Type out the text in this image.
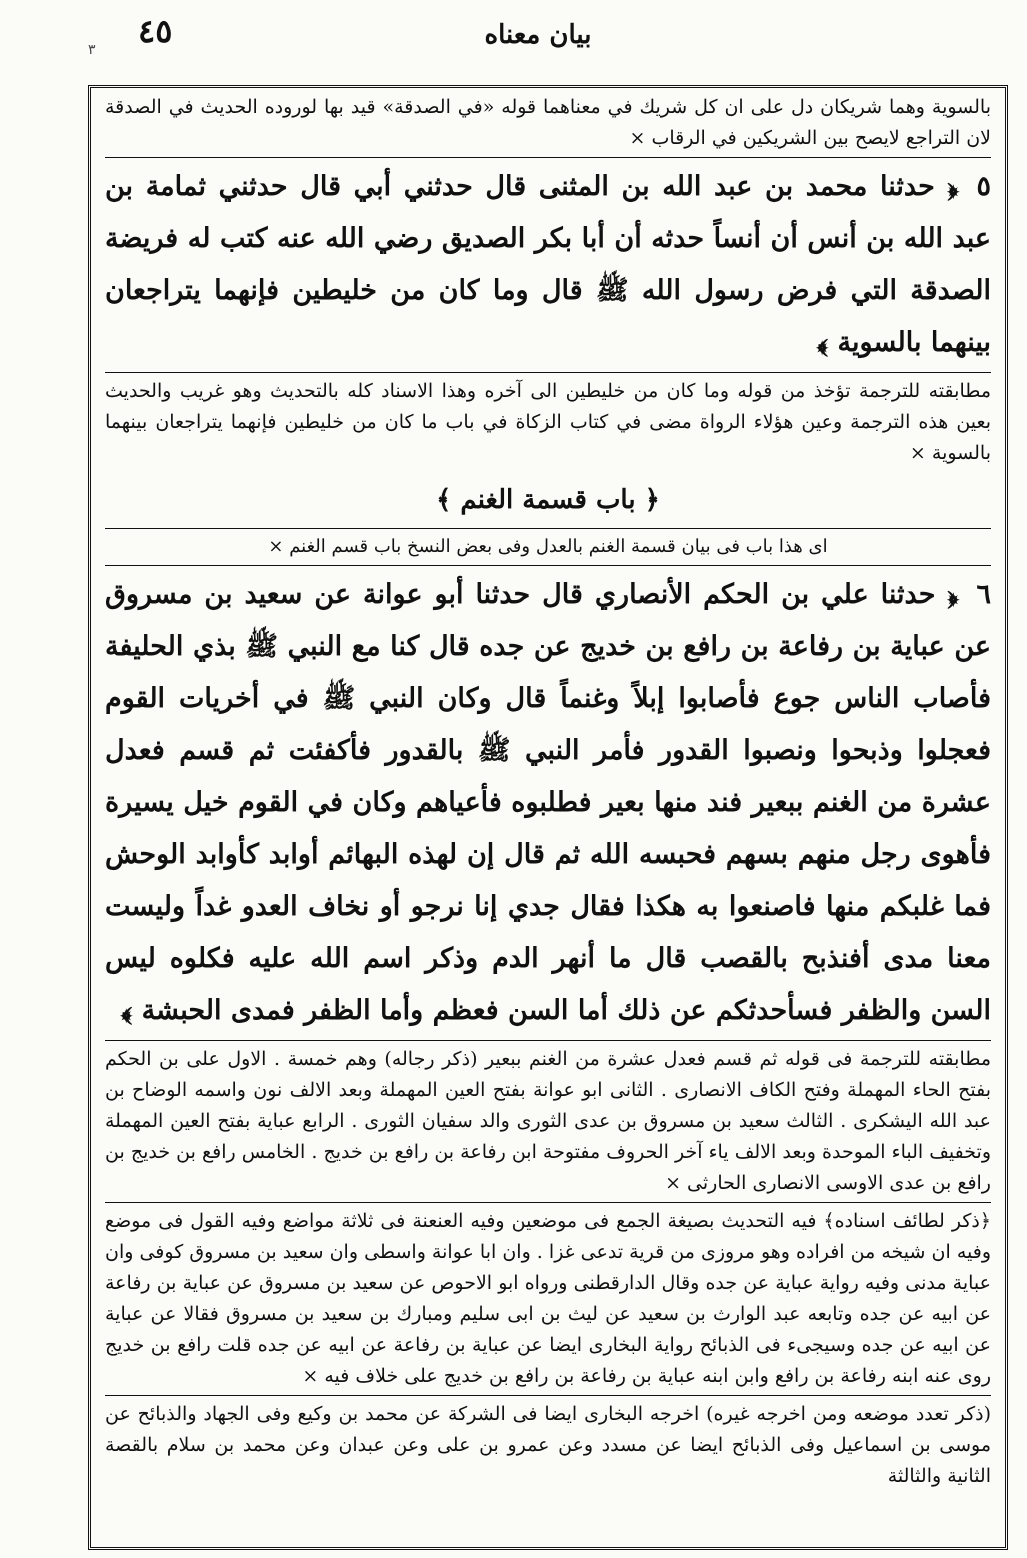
٣ ٤٥	بيان معناه

بالسوية وهما شريكان دل على ان كل شريك في معناهما قوله «في الصدقة» قيد بها لوروده الحديث في الصدقة لان التراجع لايصح بين الشريكين في الرقاب ×

٥﴿ حدثنا محمد بن عبد الله بن المثنى قال حدثني أبي قال حدثني ثمامة بن عبد الله بن أنس أن أنساً حدثه أن أبا بكر الصديق رضي الله عنه كتب له فريضة الصدقة التي فرض رسول الله ﷺ قال وما كان من خليطين فإنهما يتراجعان بينهما بالسوية ﴾

مطابقته للترجمة تؤخذ من قوله وما كان من خليطين الى آخره وهذا الاسناد كله بالتحديث وهو غريب والحديث بعين هذه الترجمة وعين هؤلاء الرواة مضى في كتاب الزكاة في باب ما كان من خليطين فإنهما يتراجعان بينهما بالسوية ×

﴿ باب قسمة الغنم ﴾
اى هذا باب فى بيان قسمة الغنم بالعدل وفى بعض النسخ باب قسم الغنم ×

٦﴿ حدثنا علي بن الحكم الأنصاري قال حدثنا أبو عوانة عن سعيد بن مسروق عن عباية بن رفاعة بن رافع بن خديج عن جده قال كنا مع النبي ﷺ بذي الحليفة فأصاب الناس جوع فأصابوا إبلاً وغنماً قال وكان النبي ﷺ في أخريات القوم فعجلوا وذبحوا ونصبوا القدور فأمر النبي ﷺ بالقدور فأكفئت ثم قسم فعدل عشرة من الغنم ببعير فند منها بعير فطلبوه فأعياهم وكان في القوم خيل يسيرة فأهوى رجل منهم بسهم فحبسه الله ثم قال إن لهذه البهائم أوابد كأوابد الوحش فما غلبكم منها فاصنعوا به هكذا فقال جدي إنا نرجو أو نخاف العدو غداً وليست معنا مدى أفنذبح بالقصب قال ما أنهر الدم وذكر اسم الله عليه فكلوه ليس السن والظفر فسأحدثكم عن ذلك أما السن فعظم وأما الظفر فمدى الحبشة ﴾

مطابقته للترجمة فى قوله ثم قسم فعدل عشرة من الغنم ببعير (ذكر رجاله) وهم خمسة . الاول على بن الحكم بفتح الحاء المهملة وفتح الكاف الانصارى . الثانى ابو عوانة بفتح العين المهملة وبعد الالف نون واسمه الوضاح بن عبد الله اليشكرى . الثالث سعيد بن مسروق بن عدى الثورى والد سفيان الثورى . الرابع عباية بفتح العين المهملة وتخفيف الباء الموحدة وبعد الالف ياء آخر الحروف مفتوحة ابن رفاعة بن رافع بن خديج . الخامس رافع بن خديج بن رافع بن عدى الاوسى الانصارى الحارثى ×

﴿ذكر لطائف اسناده﴾ فيه التحديث بصيغة الجمع فى موضعين وفيه العنعنة فى ثلاثة مواضع وفيه القول فى موضع وفيه ان شيخه من افراده وهو مروزى من قرية تدعى غزا . وان ابا عوانة واسطى وان سعيد بن مسروق كوفى وان عباية مدنى وفيه رواية عباية عن جده وقال الدارقطنى ورواه ابو الاحوص عن سعيد بن مسروق عن عباية بن رفاعة عن ابيه عن جده وتابعه عبد الوارث بن سعيد عن ليث بن ابى سليم ومبارك بن سعيد بن مسروق فقالا عن عباية عن ابيه عن جده وسيجىء فى الذبائح رواية البخارى ايضا عن عباية بن رفاعة عن ابيه عن جده قلت رافع بن خديج روى عنه ابنه رفاعة بن رافع وابن ابنه عباية بن رفاعة بن رافع بن خديج على خلاف فيه ×

(ذكر تعدد موضعه ومن اخرجه غيره) اخرجه البخارى ايضا فى الشركة عن محمد بن وكيع وفى الجهاد والذبائح عن موسى بن اسماعيل وفى الذبائح ايضا عن مسدد وعن عمرو بن على وعن عبدان وعن محمد بن سلام بالقصة الثانية والثالثة
